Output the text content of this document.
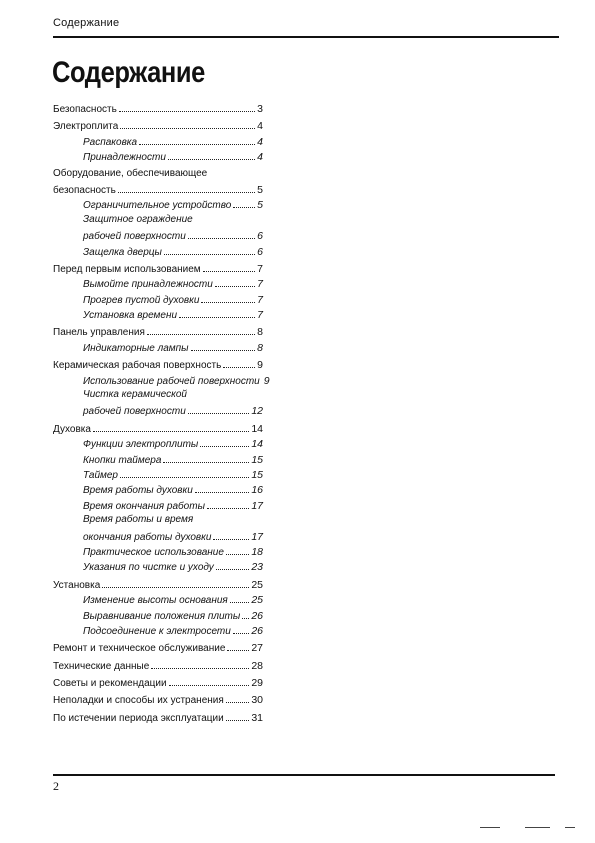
Содержание
Содержание
Безопасность	3
Электроплита	4
Распаковка	4
Принадлежности	4
Оборудование, обеспечивающее
безопасность	5
Ограничительное устройство 5
Защитное ограждение
рабочей поверхности	6
Защелка дверцы	6
Перед первым использованием	7
Вымойте принадлежности	7
Прогрев пустой духовки	7
Установка времени	7
Панель управления	8
Индикаторные лампы	8
Керамическая рабочая поверхность	9
Использование рабочей поверхности 9
Чистка керамической
рабочей поверхности	12
Духовка	14
Функции электроплиты	14
Кнопки таймера	15
Таймер	15
Время работы духовки	16
Время окончания работы	17
Время работы и время
окончания работы духовки	17
Практическое использование	18
Указания по чистке и уходу	23
Установка	25
Изменение высоты основания 25
Выравнивание положения плиты 26
Подсоединение к электросети 26
Ремонт и техническое обслуживание 27
Технические данные	28
Советы и рекомендации	29
Неполадки и способы их устранения	30
По истечении периода эксплуатации	31
2
